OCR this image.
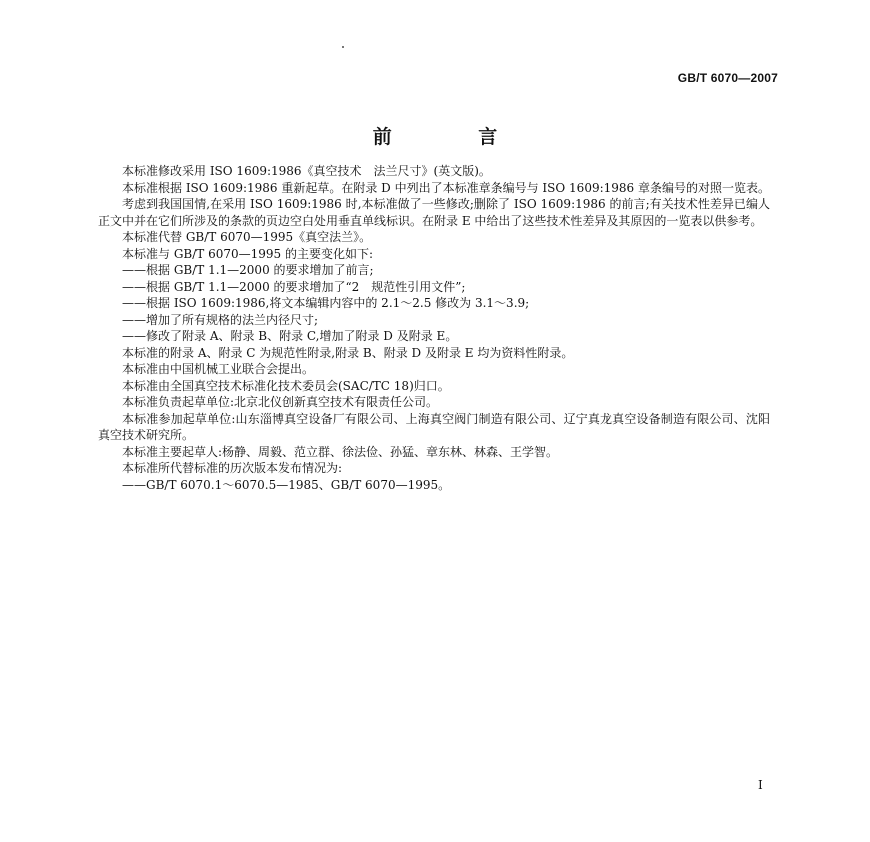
GB/T 6070—2007
前 言

本标准修改采用 ISO 1609:1986《真空技术　法兰尺寸》(英文版)。

本标准根据 ISO 1609:1986 重新起草。在附录 D 中列出了本标准章条编号与 ISO 1609:1986 章条编号的对照一览表。

考虑到我国国情,在采用 ISO 1609:1986 时,本标准做了一些修改;删除了 ISO 1609:1986 的前言;有关技术性差异已编人正文中并在它们所涉及的条款的页边空白处用垂直单线标识。在附录 E 中给出了这些技术性差异及其原因的一览表以供参考。

本标准代替 GB/T 6070—1995《真空法兰》。

本标准与 GB/T 6070—1995 的主要变化如下:

——根据 GB/T 1.1—2000 的要求增加了前言;

——根据 GB/T 1.1—2000 的要求增加了“2　规范性引用文件”;

——根据 ISO 1609:1986,将文本编辑内容中的 2.1～2.5 修改为 3.1～3.9;

——增加了所有规格的法兰内径尺寸;

——修改了附录 A、附录 B、附录 C,增加了附录 D 及附录 E。

本标准的附录 A、附录 C 为规范性附录,附录 B、附录 D 及附录 E 均为资料性附录。

本标准由中国机械工业联合会提出。

本标准由全国真空技术标准化技术委员会(SAC/TC 18)归口。

本标准负责起草单位:北京北仪创新真空技术有限责任公司。

本标准参加起草单位:山东淄博真空设备厂有限公司、上海真空阀门制造有限公司、辽宁真龙真空设备制造有限公司、沈阳真空技术研究所。

本标准主要起草人:杨静、周毅、范立群、徐法俭、孙猛、章东林、林森、王学智。

本标准所代替标准的历次版本发布情况为:

——GB/T 6070.1～6070.5—1985、GB/T 6070—1995。

I
